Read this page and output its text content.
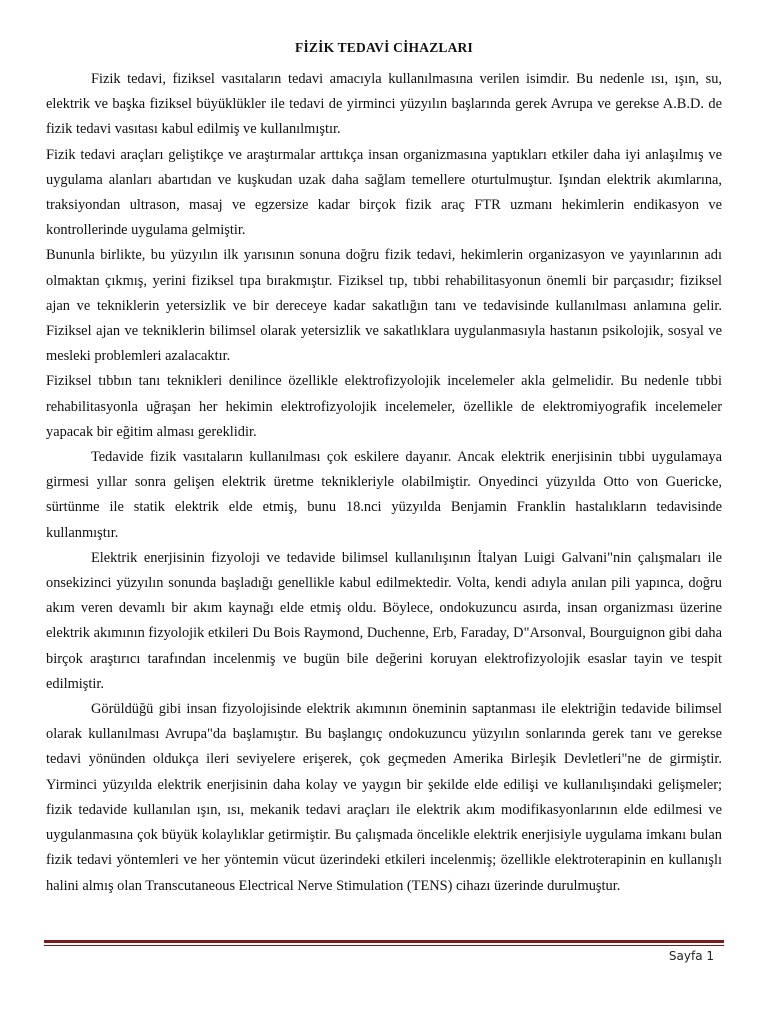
FİZİK TEDAVİ CİHAZLARI

Fizik tedavi, fiziksel vasıtaların tedavi amacıyla kullanılmasına verilen isimdir. Bu nedenle ısı, ışın, su, elektrik ve başka fiziksel büyüklükler ile tedavi de yirminci yüzyılın başlarında gerek Avrupa ve gerekse A.B.D. de fizik tedavi vasıtası kabul edilmiş ve kullanılmıştır.

Fizik tedavi araçları geliştikçe ve araştırmalar arttıkça insan organizmasına yaptıkları etkiler daha iyi anlaşılmış ve uygulama alanları abartıdan ve kuşkudan uzak daha sağlam temellere oturtulmuştur. Işından elektrik akımlarına, traksiyondan ultrason, masaj ve egzersize kadar birçok fizik araç FTR uzmanı hekimlerin endikasyon ve kontrollerinde uygulama gelmiştir.

Bununla birlikte, bu yüzyılın ilk yarısının sonuna doğru fizik tedavi, hekimlerin organizasyon ve yayınlarının adı olmaktan çıkmış, yerini fiziksel tıpa bırakmıştır. Fiziksel tıp, tıbbi rehabilitasyonun önemli bir parçasıdır; fiziksel ajan ve tekniklerin yetersizlik ve bir dereceye kadar sakatlığın tanı ve tedavisinde kullanılması anlamına gelir. Fiziksel ajan ve tekniklerin bilimsel olarak yetersizlik ve sakatlıklara uygulanmasıyla hastanın psikolojik, sosyal ve mesleki problemleri azalacaktır.

Fiziksel tıbbın tanı teknikleri denilince özellikle elektrofizyolojik incelemeler akla gelmelidir. Bu nedenle tıbbi rehabilitasyonla uğraşan her hekimin elektrofizyolojik incelemeler, özellikle de elektromiyografik incelemeler yapacak bir eğitim alması gereklidir.

Tedavide fizik vasıtaların kullanılması çok eskilere dayanır. Ancak elektrik enerjisinin tıbbi uygulamaya girmesi yıllar sonra gelişen elektrik üretme teknikleriyle olabilmiştir. Onyedinci yüzyılda Otto von Guericke, sürtünme ile statik elektrik elde etmiş, bunu 18.nci yüzyılda Benjamin Franklin hastalıkların tedavisinde kullanmıştır.

Elektrik enerjisinin fizyoloji ve tedavide bilimsel kullanılışının İtalyan Luigi Galvani"nin çalışmaları ile onsekizinci yüzyılın sonunda başladığı genellikle kabul edilmektedir. Volta, kendi adıyla anılan pili yapınca, doğru akım veren devamlı bir akım kaynağı elde etmiş oldu. Böylece, ondokuzuncu asırda, insan organizması üzerine elektrik akımının fizyolojik etkileri Du Bois Raymond, Duchenne, Erb, Faraday, D"Arsonval, Bourguignon gibi daha birçok araştırıcı tarafından incelenmiş ve bugün bile değerini koruyan elektrofizyolojik esaslar tayin ve tespit edilmiştir.

Görüldüğü gibi insan fizyolojisinde elektrik akımının öneminin saptanması ile elektriğin tedavide bilimsel olarak kullanılması Avrupa"da başlamıştır. Bu başlangıç ondokuzuncu yüzyılın sonlarında gerek tanı ve gerekse tedavi yönünden oldukça ileri seviyelere erişerek, çok geçmeden Amerika Birleşik Devletleri"ne de girmiştir. Yirminci yüzyılda elektrik enerjisinin daha kolay ve yaygın bir şekilde elde edilişi ve kullanılışındaki gelişmeler; fizik tedavide kullanılan ışın, ısı, mekanik tedavi araçları ile elektrik akım modifikasyonlarının elde edilmesi ve uygulanmasına çok büyük kolaylıklar getirmiştir. Bu çalışmada öncelikle elektrik enerjisiyle uygulama imkanı bulan fizik tedavi yöntemleri ve her yöntemin vücut üzerindeki etkileri incelenmiş; özellikle elektroterapinin en kullanışlı halini almış olan Transcutaneous Electrical Nerve Stimulation (TENS) cihazı üzerinde durulmuştur.

Sayfa 1
